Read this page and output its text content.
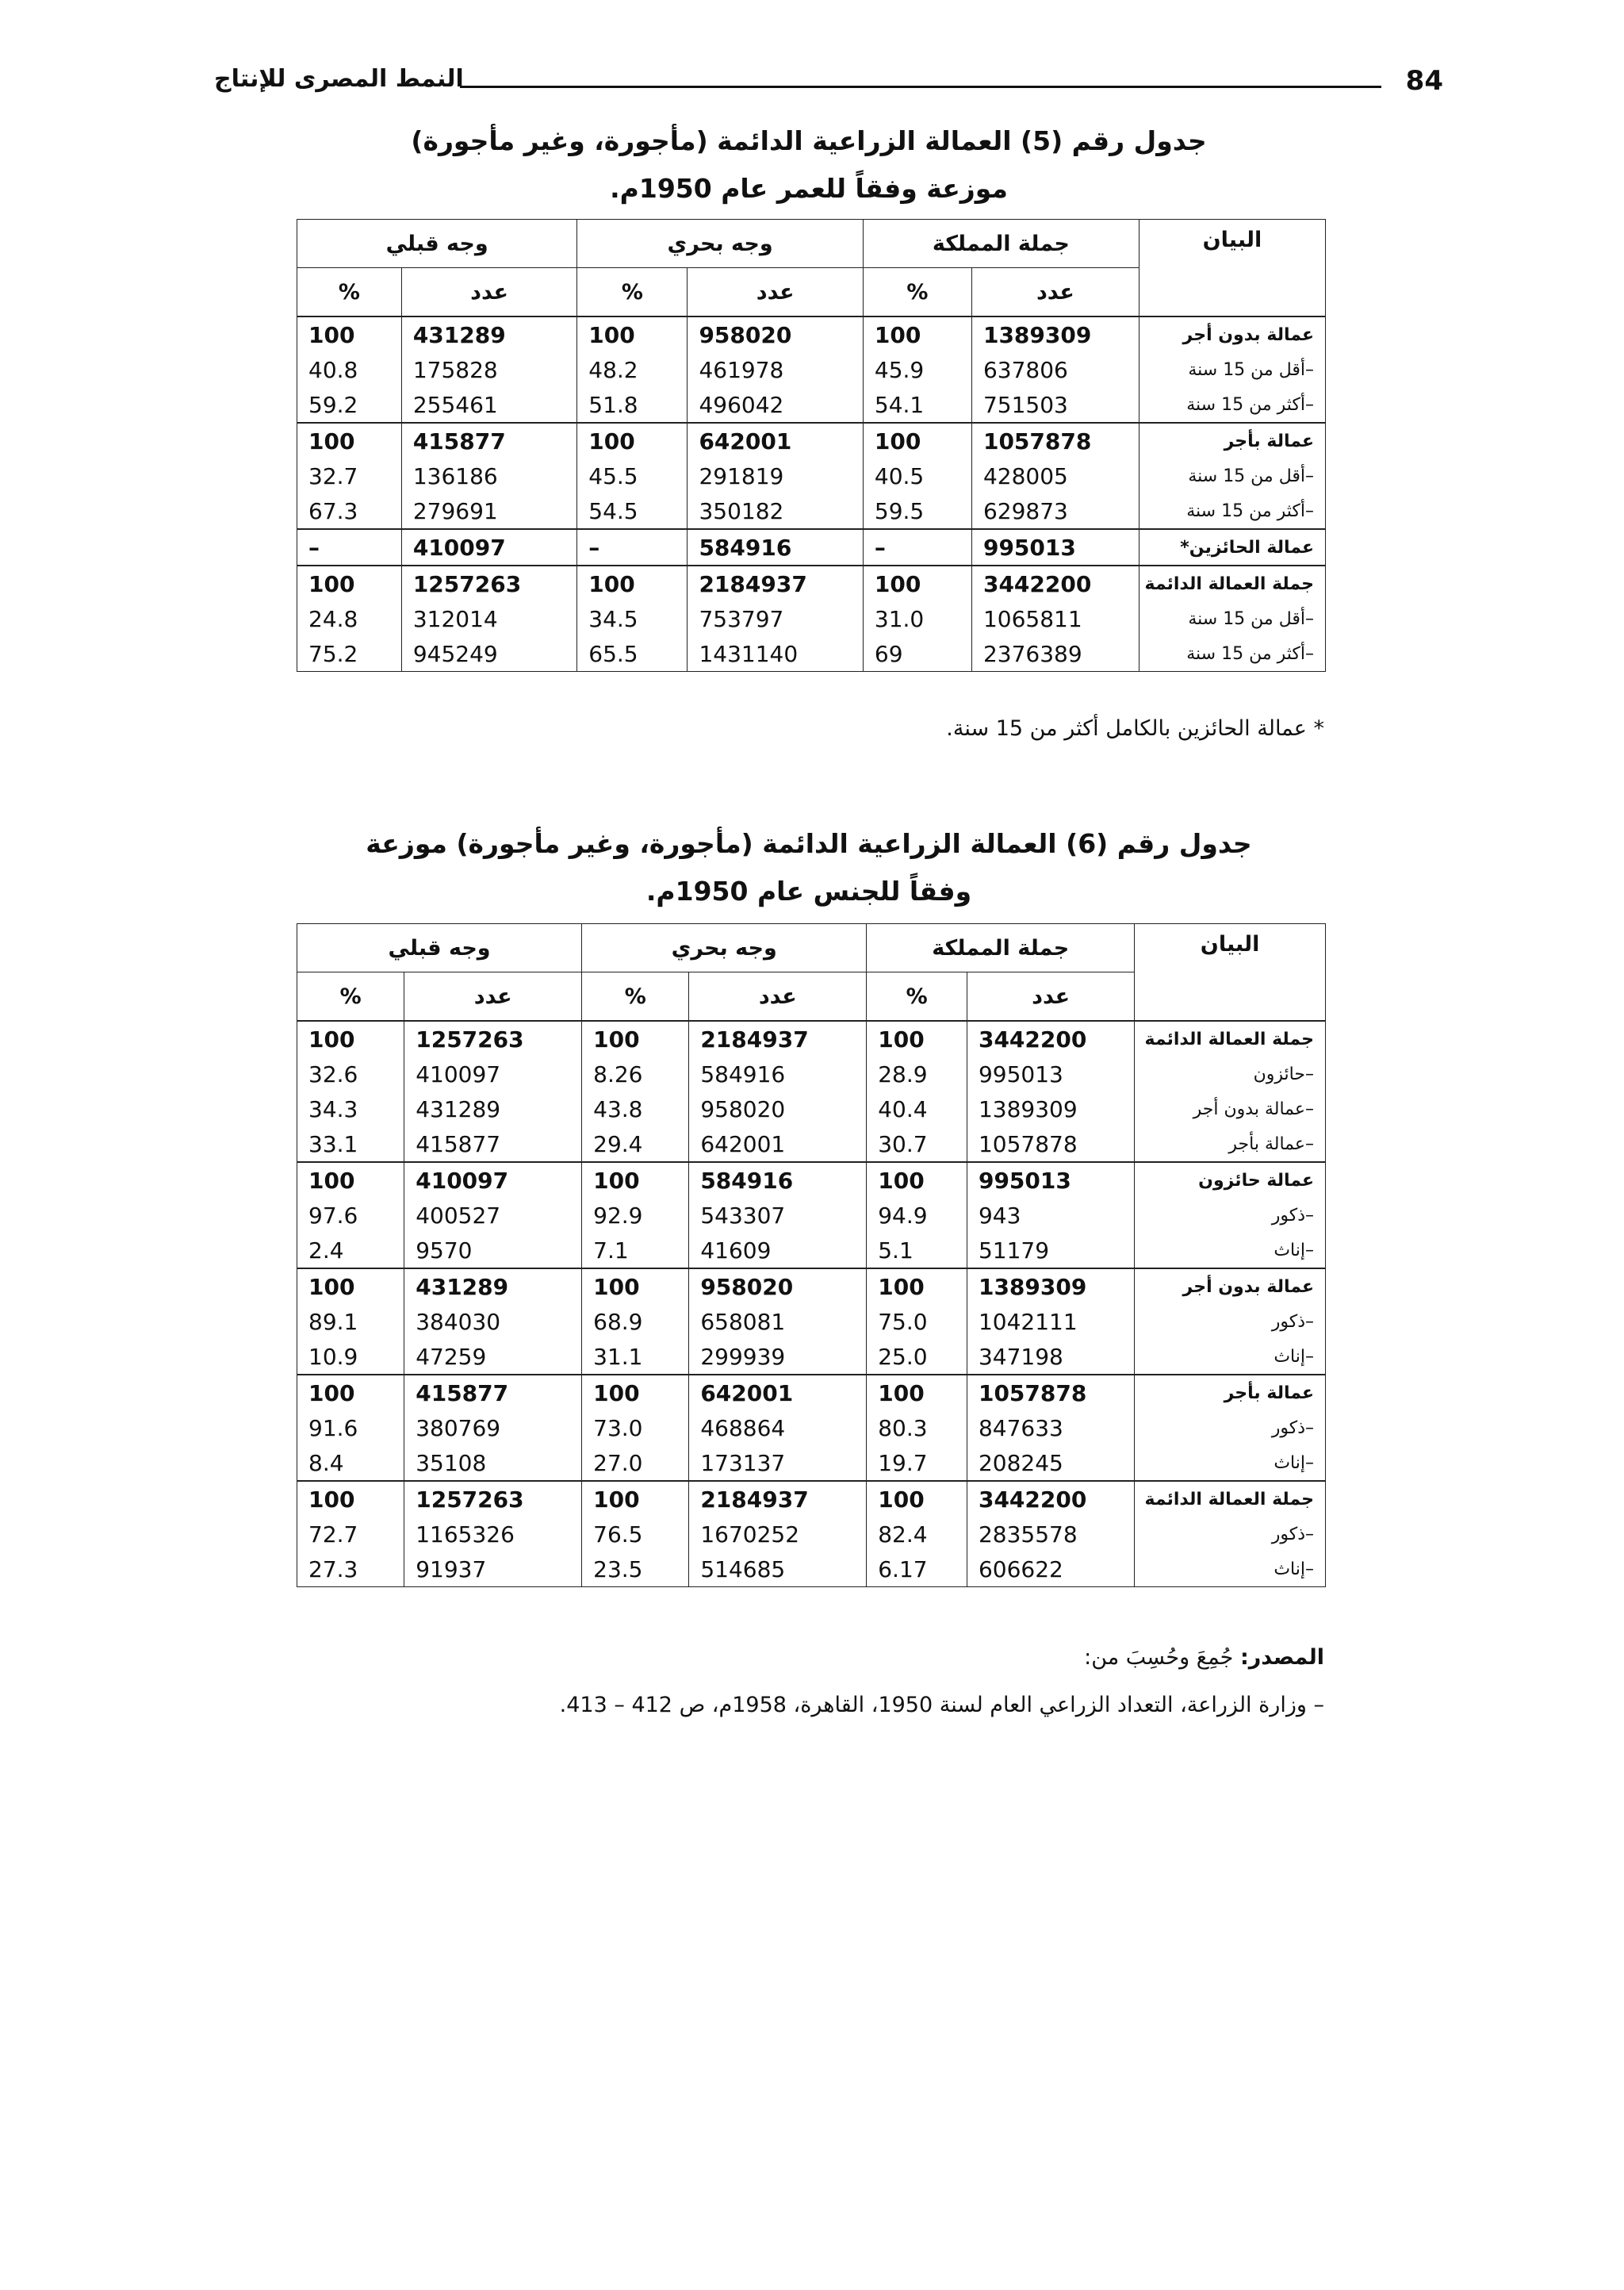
النمط المصرى للإنتاج	84
جدول رقم (5) العمالة الزراعية الدائمة (مأجورة، وغير مأجورة)
موزعة وفقاً للعمر عام 1950م.
البيان	جملة المملكة		وجه بحري		وجه قبلي	
	عدد	%	عدد	%	عدد	%
عمالة بدون أجر	1389309	100	958020	100	431289	100
–أقل من 15 سنة	637806	45.9	461978	48.2	175828	40.8
–أكثر من 15 سنة	751503	54.1	496042	51.8	255461	59.2
عمالة بأجر	1057878	100	642001	100	415877	100
–أقل من 15 سنة	428005	40.5	291819	45.5	136186	32.7
–أكثر من 15 سنة	629873	59.5	350182	54.5	279691	67.3
عمالة الحائزين*	995013	–	584916	–	410097	–
جملة العمالة الدائمة	3442200	100	2184937	100	1257263	100
–أقل من 15 سنة	1065811	31.0	753797	34.5	312014	24.8
–أكثر من 15 سنة	2376389	69	1431140	65.5	945249	75.2
* عمالة الحائزين بالكامل أكثر من 15 سنة.
جدول رقم (6) العمالة الزراعية الدائمة (مأجورة، وغير مأجورة) موزعة
وفقاً للجنس عام 1950م.
البيان	جملة المملكة		وجه بحري		وجه قبلي	
	عدد	%	عدد	%	عدد	%
جملة العمالة الدائمة	3442200	100	2184937	100	1257263	100
–حائزون	995013	28.9	584916	8.26	410097	32.6
–عمالة بدون أجر	1389309	40.4	958020	43.8	431289	34.3
–عمالة بأجر	1057878	30.7	642001	29.4	415877	33.1
عمالة حائزون	995013	100	584916	100	410097	100
–ذكور	943	94.9	543307	92.9	400527	97.6
–إناث	51179	5.1	41609	7.1	9570	2.4
عمالة بدون أجر	1389309	100	958020	100	431289	100
–ذكور	1042111	75.0	658081	68.9	384030	89.1
–إناث	347198	25.0	299939	31.1	47259	10.9
عمالة بأجر	1057878	100	642001	100	415877	100
–ذكور	847633	80.3	468864	73.0	380769	91.6
–إناث	208245	19.7	173137	27.0	35108	8.4
جملة العمالة الدائمة	3442200	100	2184937	100	1257263	100
–ذكور	2835578	82.4	1670252	76.5	1165326	72.7
–إناث	606622	6.17	514685	23.5	91937	27.3
المصدر: جُمِعَ وحُسِبَ من:
– وزارة الزراعة، التعداد الزراعي العام لسنة 1950، القاهرة، 1958م، ص 412 – 413.
